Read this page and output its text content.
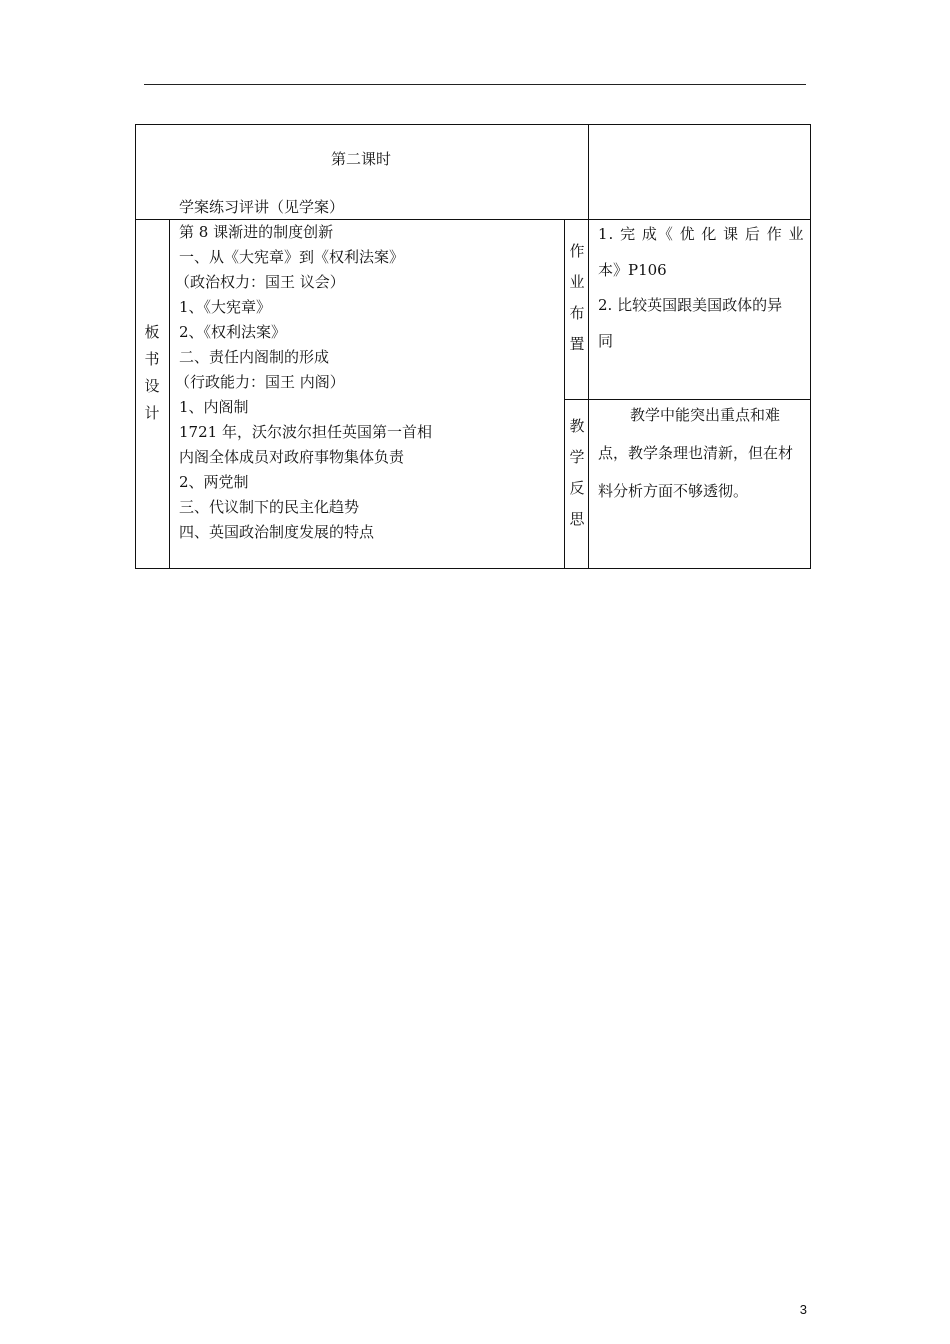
第二课时
学案练习评讲（见学案）
板
书
设
计
第 8 课渐进的制度创新
一、从《大宪章》到《权利法案》
（政治权力：国王 议会）
1、《大宪章》
2、《权利法案》
二、责任内阁制的形成
（行政能力：国王 内阁）
1、内阁制
1721 年，沃尔波尔担任英国第一首相
内阁全体成员对政府事物集体负责
2、两党制
三、代议制下的民主化趋势
四、英国政治制度发展的特点
作
业
布
置
1. 完 成《 优 化 课 后 作 业
本》P106
2. 比较英国跟美国政体的异
同
教
学
反
思
教学中能突出重点和难
点，教学条理也清新，但在材
料分析方面不够透彻。
3
